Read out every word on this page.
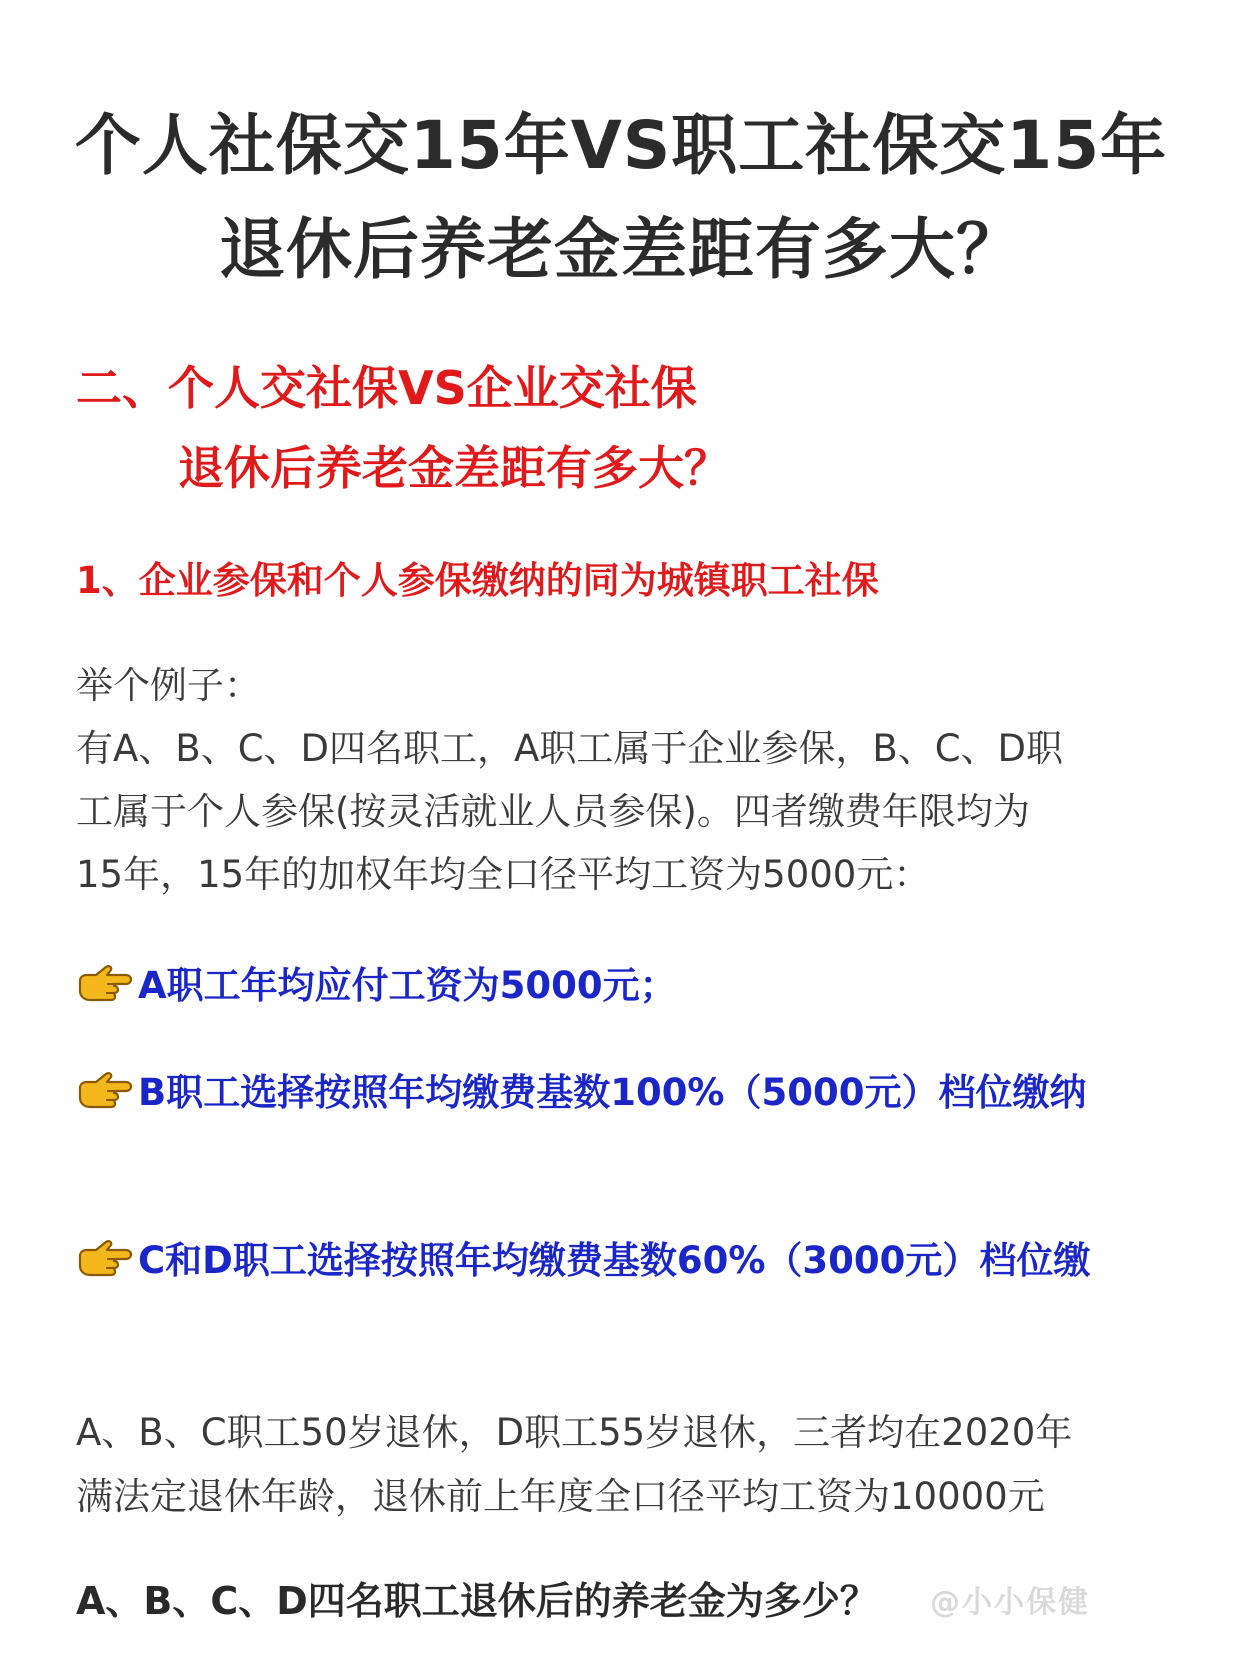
个人社保交15年VS职工社保交15年
退休后养老金差距有多大？
二、个人交社保VS企业交社保
退休后养老金差距有多大？
1、企业参保和个人参保缴纳的同为城镇职工社保
举个例子：
有A、B、C、D四名职工，A职工属于企业参保，B、C、D职
工属于个人参保(按灵活就业人员参保)。四者缴费年限均为
15年，15年的加权年均全口径平均工资为5000元：
A职工年均应付工资为5000元；
B职工选择按照年均缴费基数100%（5000元）档位缴纳
C和D职工选择按照年均缴费基数60%（3000元）档位缴
A、B、C职工50岁退休，D职工55岁退休，三者均在2020年
满法定退休年龄，退休前上年度全口径平均工资为10000元
A、B、C、D四名职工退休后的养老金为多少？ @小小保健
